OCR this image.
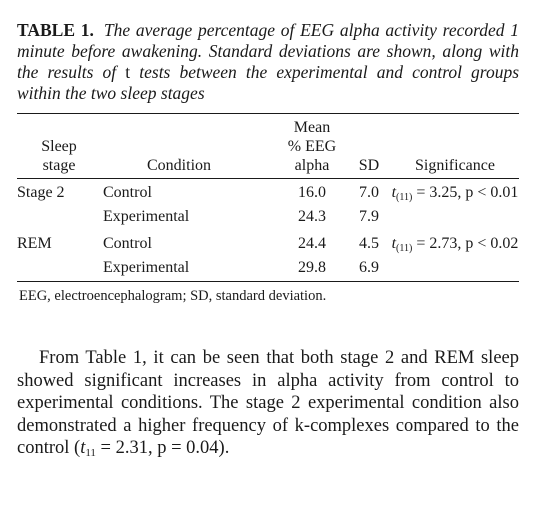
TABLE 1. The average percentage of EEG alpha activity recorded 1 minute before awakening. Standard deviations are shown, along with the results of t tests between the experimental and control groups within the two sleep stages

Sleep
stage	Condition	Mean
% EEG
alpha	SD	Significance
Stage 2	Control	16.0	7.0	t(11) = 3.25, p < 0.01
	Experimental	24.3	7.9	
REM	Control	24.4	4.5	t(11) = 2.73, p < 0.02
	Experimental	29.8	6.9	

EEG, electroencephalogram; SD, standard deviation.

From Table 1, it can be seen that both stage 2 and REM sleep showed significant increases in alpha activity from control to experimental conditions. The stage 2 experimental condition also demonstrated a higher frequency of k-complexes compared to the control (t11 = 2.31, p = 0.04).
